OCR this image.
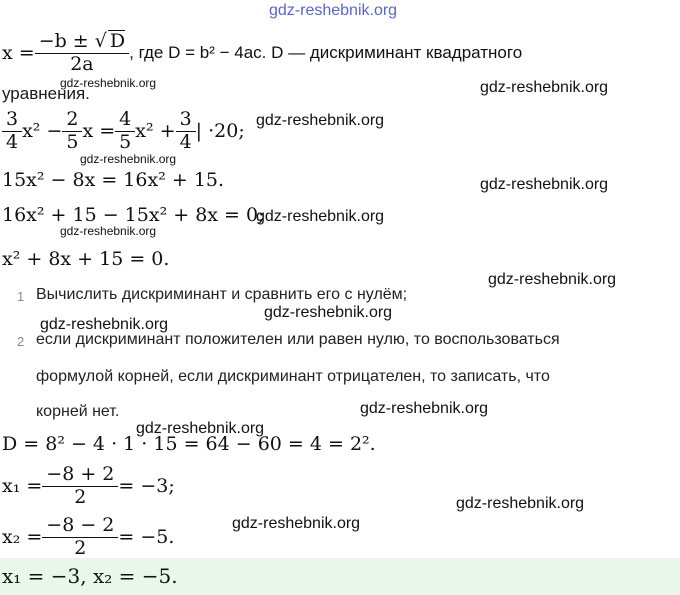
gdz-reshebnik.org
$x = \frac{-b \pm √ D}{2a}$ , где D = b² − 4ac. D — дискриминант квадратного
gdz-reshebnik.org
уравнения.	gdz-reshebnik.org
$\frac{3}{4} x^2 - \frac{2}{5}$ $x = \frac{4}{5} x^2 + \frac{3}{4}$ | ·20; gdz-reshebnik.org
gdz-reshebnik.org
15x² − 8x = 16x² + 15.	gdz-reshebnik.org
16x² + 15 − 15x² + 8x = 0;
gdz-reshebnik.org
gdz-reshebnik.org
x² + 8x + 15 = 0.
gdz-reshebnik.org
1 Вычислить дискриминант и сравнить его с нулём;
gdz-reshebnik.org
gdz-reshebnik.org
2 если дискриминант положителен или равен нулю, то воспользоваться
формулой корней, если дискриминант отрицателен, то записать, что
корней нет.	gdz-reshebnik.org
gdz-reshebnik.org
D = 8² − 4 · 1 · 15 = 64 − 60 = 4 = 2².
$x_1 = \frac{-8 + 2}{2} = -3$;
gdz-reshebnik.org
gdz-reshebnik.org
$x_2 = \frac{-8 - 2}{2} = -5$.
x₁ = −3, x₂ = −5.
